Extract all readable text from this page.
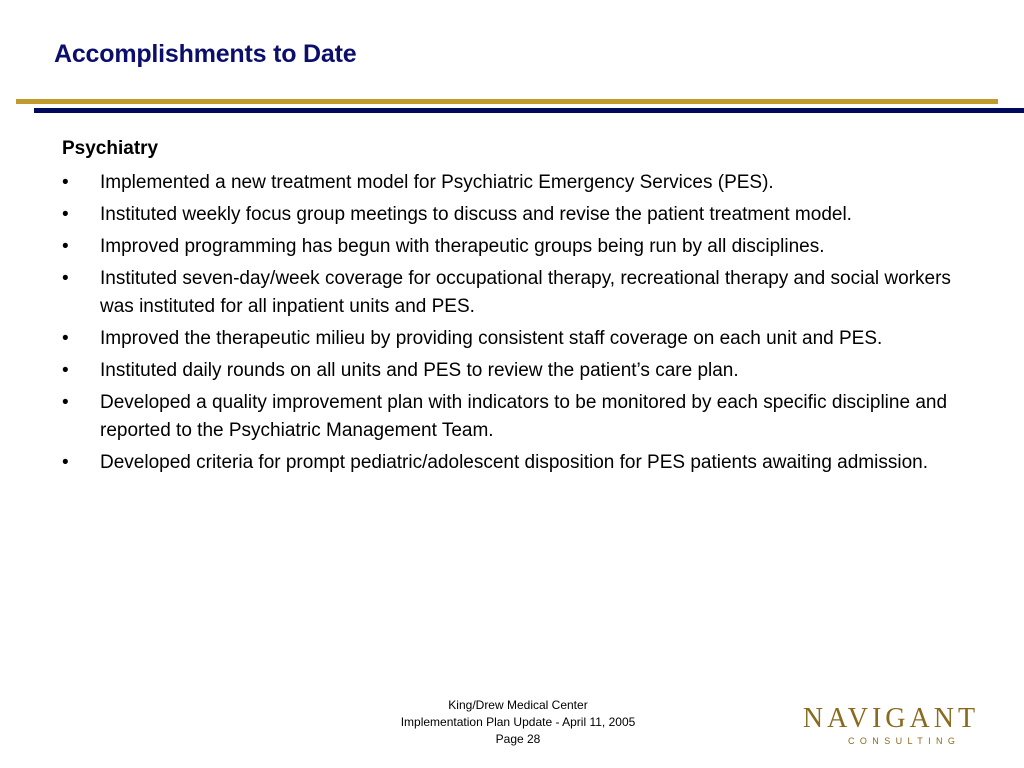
Accomplishments to Date
Psychiatry
•	Implemented a new treatment model for Psychiatric Emergency Services (PES).
•	Instituted weekly focus group meetings to discuss and revise the patient treatment model.
•	Improved programming has begun with therapeutic groups being run by all disciplines.
•	Instituted seven-day/week coverage for occupational therapy, recreational therapy and social workers was instituted for all inpatient units and PES.
•	Improved the therapeutic milieu by providing consistent staff coverage on each unit and PES.
•	Instituted daily rounds on all units and PES to review the patient’s care plan.
•	Developed a quality improvement plan with indicators to be monitored by each specific discipline and reported to the Psychiatric Management Team.
•	Developed criteria for prompt pediatric/adolescent disposition for PES patients awaiting admission.
King/Drew Medical Center
Implementation Plan Update - April 11, 2005
Page 28
NAVIGANT
CONSULTING
